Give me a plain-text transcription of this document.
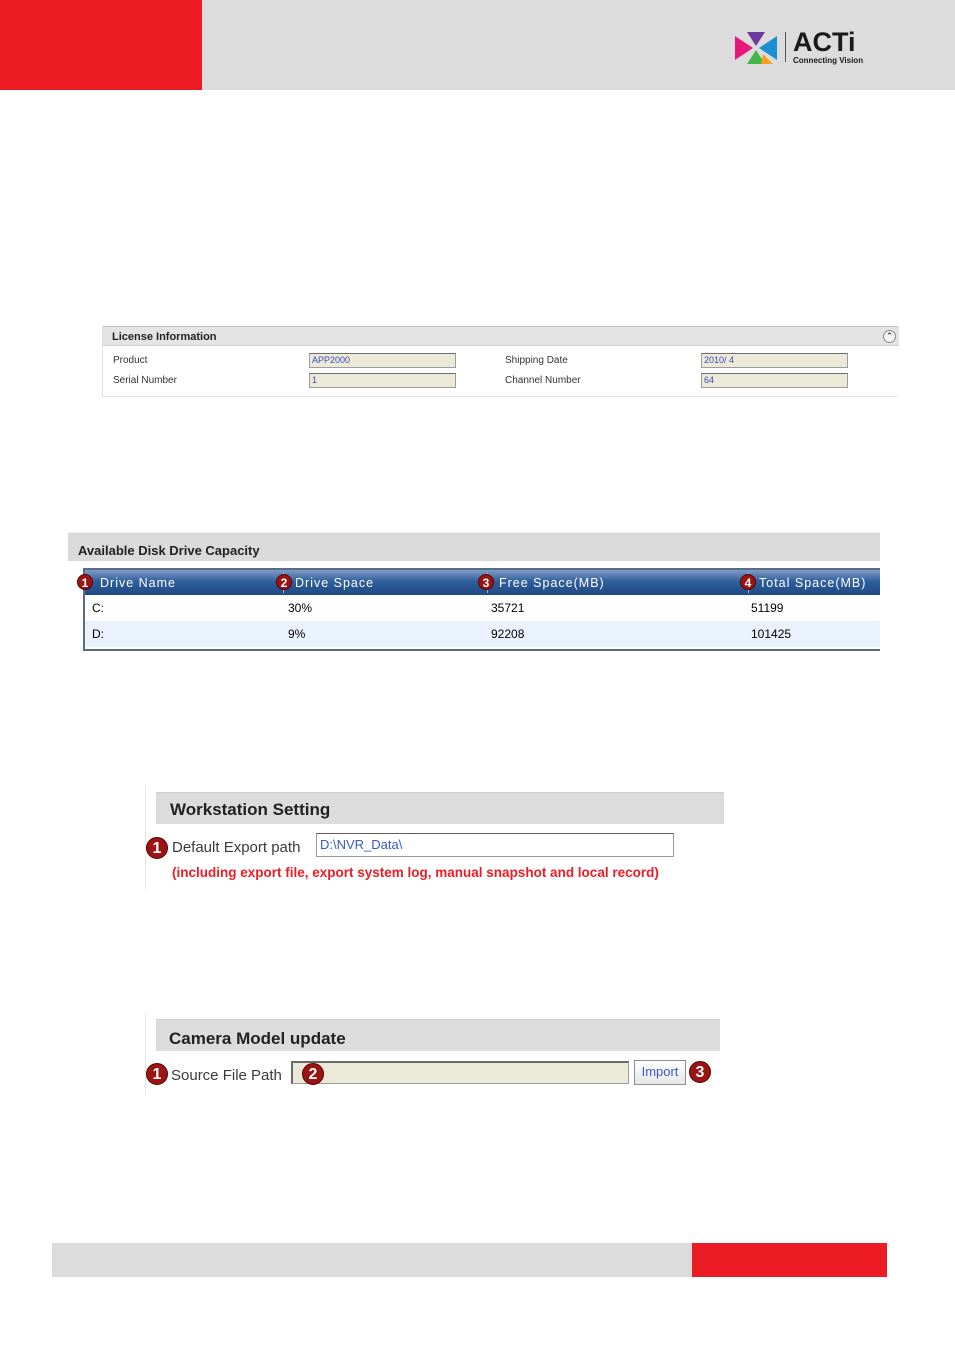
ACTi
Connecting Vision
License Information	⌃
Product	APP2000	Shipping Date	2010/ 4
Serial Number	1	Channel Number	64
Available Disk Drive Capacity
Drive Name	Drive Space	Free Space(MB)	Total Space(MB)
C:	30%	35721	51199
D:	9%	92208	101425
1	2	3	4
Workstation Setting
Default Export path	D:\NVR_Data\
(including export file, export system log, manual snapshot and local record)
1
Camera Model update
Source File Path	Import
1	2	3
